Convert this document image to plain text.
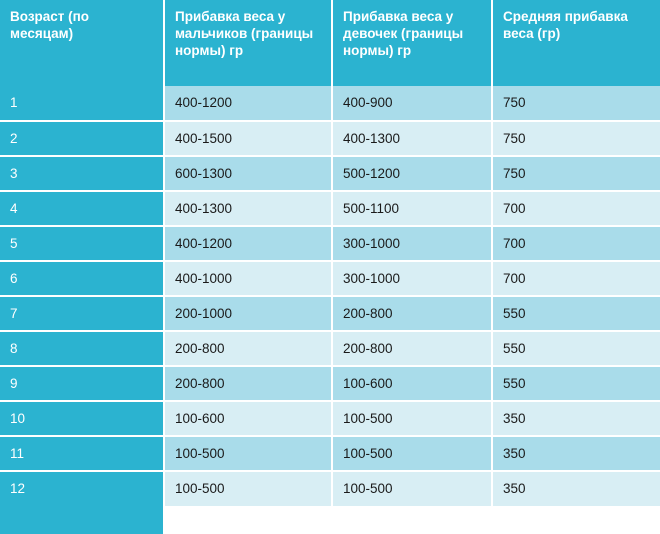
Возраст (по месяцам)	Прибавка веса у мальчиков (границы нормы) гр	Прибавка веса у девочек (границы нормы) гр	Средняя прибавка веса (гр)
1	400-1200	400-900	750
2	400-1500	400-1300	750
3	600-1300	500-1200	750
4	400-1300	500-1100	700
5	400-1200	300-1000	700
6	400-1000	300-1000	700
7	200-1000	200-800	550
8	200-800	200-800	550
9	200-800	100-600	550
10	100-600	100-500	350
11	100-500	100-500	350
12	100-500	100-500	350
